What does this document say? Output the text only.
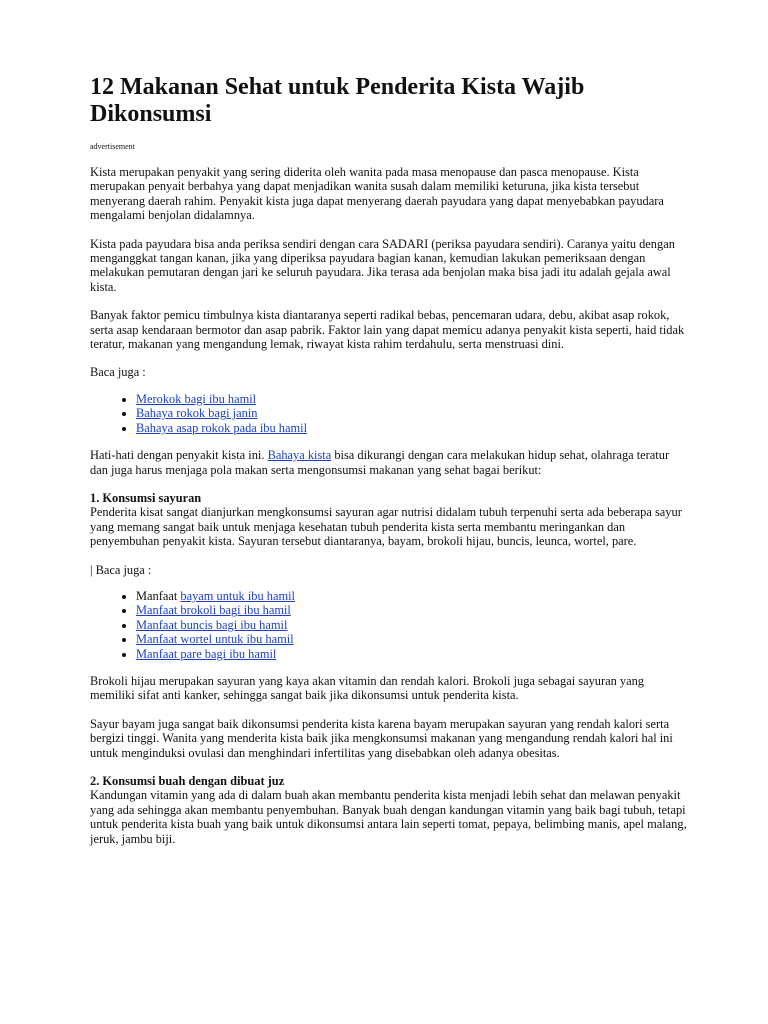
12 Makanan Sehat untuk Penderita Kista Wajib Dikonsumsi
advertisement

Kista merupakan penyakit yang sering diderita oleh wanita pada masa menopause dan pasca menopause. Kista merupakan penyait berbahya yang dapat menjadikan wanita susah dalam memiliki keturuna, jika kista tersebut menyerang daerah rahim. Penyakit kista juga dapat menyerang daerah payudara yang dapat menyebabkan payudara mengalami benjolan didalamnya.

Kista pada payudara bisa anda periksa sendiri dengan cara SADARI (periksa payudara sendiri). Caranya yaitu dengan menganggkat tangan kanan, jika yang diperiksa payudara bagian kanan, kemudian lakukan pemeriksaan dengan melakukan pemutaran dengan jari ke seluruh payudara. Jika terasa ada benjolan maka bisa jadi itu adalah gejala awal kista.

Banyak faktor pemicu timbulnya kista diantaranya seperti radikal bebas, pencemaran udara, debu, akibat asap rokok, serta asap kendaraan bermotor dan asap pabrik. Faktor lain yang dapat memicu adanya penyakit kista seperti, haid tidak teratur, makanan yang mengandung lemak, riwayat kista rahim terdahulu, serta menstruasi dini.

Baca juga :

• Merokok bagi ibu hamil
• Bahaya rokok bagi janin
• Bahaya asap rokok pada ibu hamil

Hati-hati dengan penyakit kista ini. Bahaya kista bisa dikurangi dengan cara melakukan hidup sehat, olahraga teratur dan juga harus menjaga pola makan serta mengonsumsi makanan yang sehat bagai berikut:

1. Konsumsi sayuran

Penderita kisat sangat dianjurkan mengkonsumsi sayuran agar nutrisi didalam tubuh terpenuhi serta ada beberapa sayur yang memang sangat baik untuk menjaga kesehatan tubuh penderita kista serta membantu meringankan dan penyembuhan penyakit kista. Sayuran tersebut diantaranya, bayam, brokoli hijau, buncis, leunca, wortel, pare.

| Baca juga :

• Manfaat bayam untuk ibu hamil
• Manfaat brokoli bagi ibu hamil
• Manfaat buncis bagi ibu hamil
• Manfaat wortel untuk ibu hamil
• Manfaat pare bagi ibu hamil

Brokoli hijau merupakan sayuran yang kaya akan vitamin dan rendah kalori. Brokoli juga sebagai sayuran yang memiliki sifat anti kanker, sehingga sangat baik jika dikonsumsi untuk penderita kista.

Sayur bayam juga sangat baik dikonsumsi penderita kista karena bayam merupakan sayuran yang rendah kalori serta bergizi tinggi. Wanita yang menderita kista baik jika mengkonsumsi makanan yang mengandung rendah kalori hal ini untuk menginduksi ovulasi dan menghindari infertilitas yang disebabkan oleh adanya obesitas.

2. Konsumsi buah dengan dibuat juz

Kandungan vitamin yang ada di dalam buah akan membantu penderita kista menjadi lebih sehat dan melawan penyakit yang ada sehingga akan membantu penyembuhan. Banyak buah dengan kandungan vitamin yang baik bagi tubuh, tetapi untuk penderita kista buah yang baik untuk dikonsumsi antara lain seperti tomat, pepaya, belimbing manis, apel malang, jeruk, jambu biji.
